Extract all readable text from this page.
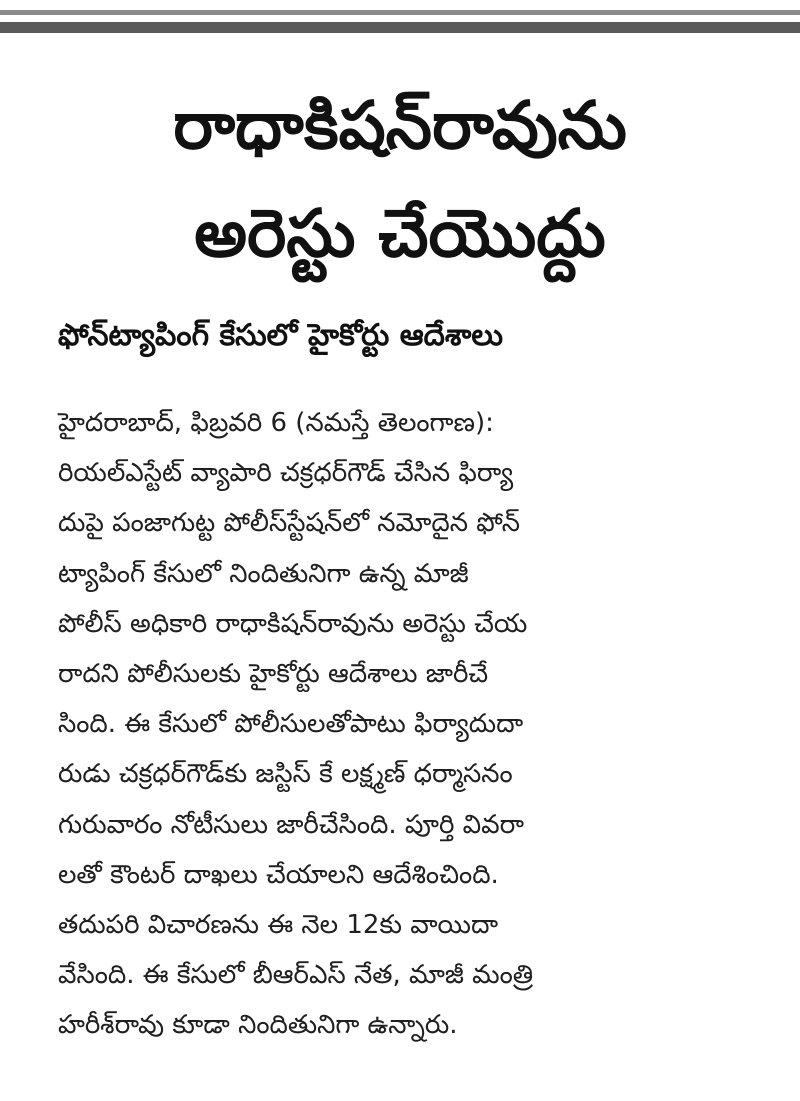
రాధాకిషన్‌రావును
అరెస్టు చేయొద్దు
ఫోన్‌ట్యాపింగ్‌ కేసులో హైకోర్టు ఆదేశాలు
హైదరాబాద్‌, ఫిబ్రవరి 6 (నమస్తే తెలంగాణ):
రియల్‌ఎస్టేట్‌ వ్యాపారి చక్రధర్‌గౌడ్‌ చేసిన ఫిర్యా
దుపై పంజాగుట్ట పోలీస్‌స్టేషన్‌లో నమోదైన ఫోన్‌
ట్యాపింగ్‌ కేసులో నిందితునిగా ఉన్న మాజీ
పోలీస్‌ అధికారి రాధాకిషన్‌రావును అరెస్టు చేయ
రాదని పోలీసులకు హైకోర్టు ఆదేశాలు జారీచే
సింది. ఈ కేసులో పోలీసులతోపాటు ఫిర్యాదుదా
రుడు చక్రధర్‌గౌడ్‌కు జస్టిస్‌ కే లక్ష్మణ్‌ ధర్మాసనం
గురువారం నోటీసులు జారీచేసింది. పూర్తి వివరా
లతో కౌంటర్‌ దాఖలు చేయాలని ఆదేశించింది.
తదుపరి విచారణను ఈ నెల 12కు వాయిదా
వేసింది. ఈ కేసులో బీఆర్‌ఎస్‌ నేత, మాజీ మంత్రి
హరీశ్‌రావు కూడా నిందితునిగా ఉన్నారు.
